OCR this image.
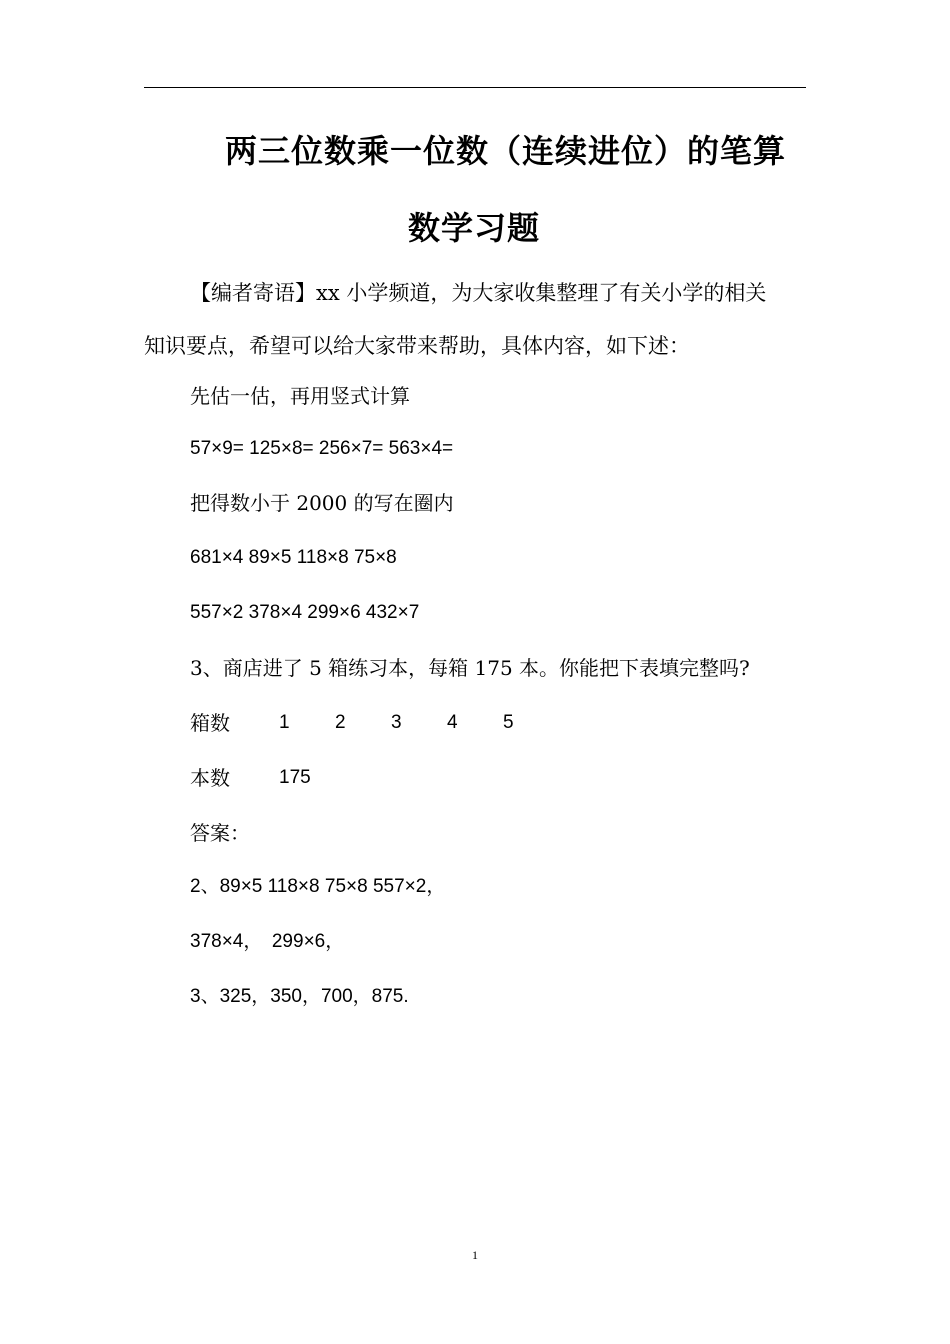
两三位数乘一位数（连续进位）的笔算
数学习题
【编者寄语】xx 小学频道，为大家收集整理了有关小学的相关
知识要点，希望可以给大家带来帮助，具体内容，如下述：
先估一估，再用竖式计算
57×9= 125×8= 256×7= 563×4=
把得数小于 2000 的写在圈内
681×4 89×5 118×8 75×8
557×2 378×4 299×6 432×7
3、商店进了 5 箱练习本，每箱 175 本。你能把下表填完整吗?
箱数	1 2 3 4 5
本数	175
答案：
2、89×5 118×8 75×8 557×2，
378×4，　299×6，
3、325，350，700，875.
1
